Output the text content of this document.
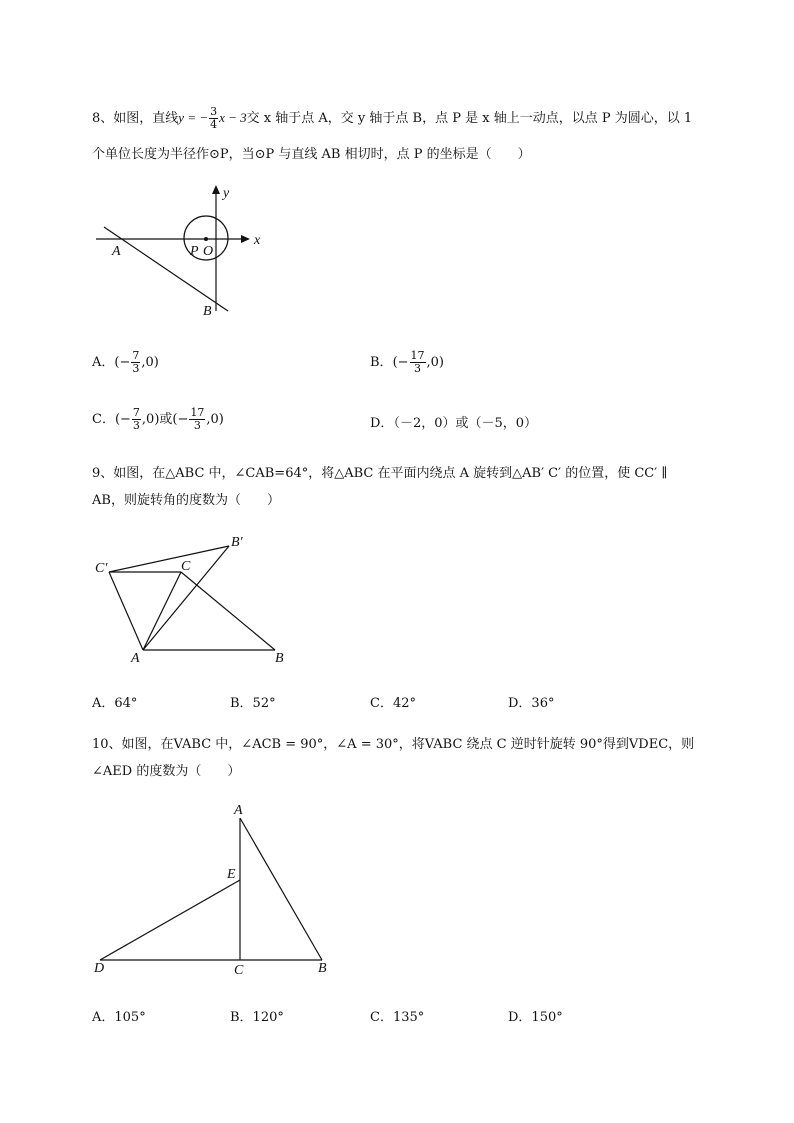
8、如图，直线y = − $\frac{3}{4}$ x − 3交 x 轴于点 A，交 y 轴于点 B，点 P 是 x 轴上一动点，以点 P 为圆心，以 1
个单位长度为半径作⊙P，当⊙P 与直线 AB 相切时，点 P 的坐标是（　　）
y
x
A	P O
B
A．(− $\frac{7}{3} ,0$)	B．(− $\frac{17}{3} ,0$)
C．(− $\frac{7}{3} ,0$)或(− $\frac{17}{3} ,0$)	D．（－2，0）或（－5，0）
9、如图，在△ABC 中，∠CAB=64°，将△ABC 在平面内绕点 A 旋转到△AB′ C′ 的位置，使 CC′ ∥
AB，则旋转角的度数为（　　）
C′	C
B′
A	B
A．64°	B．52°	C．42°	D．36°
10、如图，在VABC 中，∠ACB = 90°，∠A = 30°，将VABC 绕点 C 逆时针旋转 90°得到VDEC，则
∠AED 的度数为（　　）
A
E
D	C	B
A．105°	B．120°	C．135°	D．150°
